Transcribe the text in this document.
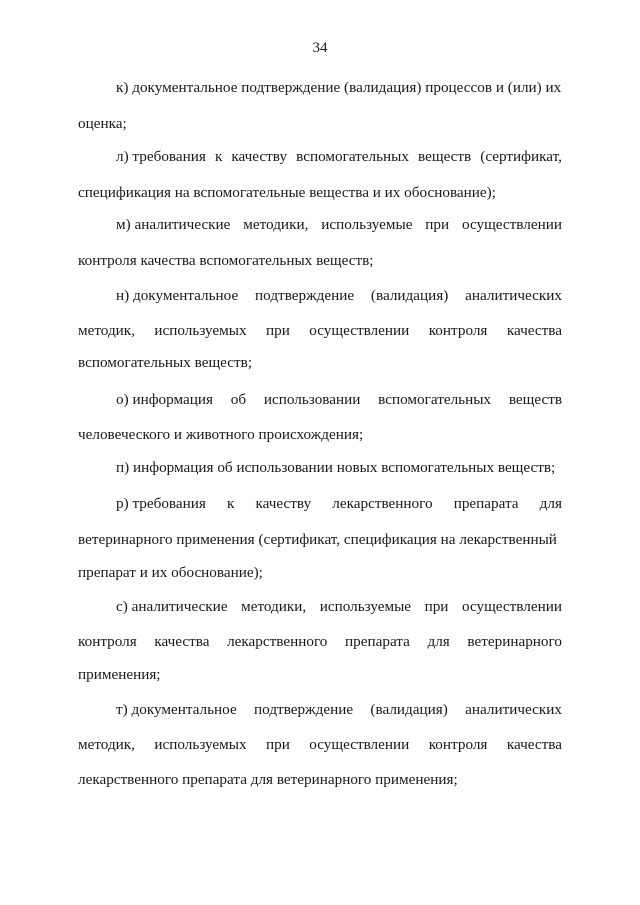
34
к) документальное подтверждение (валидация) процессов и (или) их
оценка;
л) требования к качеству вспомогательных веществ (сертификат,
спецификация на вспомогательные вещества и их обоснование);
м) аналитические методики, используемые при осуществлении
контроля качества вспомогательных веществ;
н) документальное подтверждение (валидация) аналитических
методик, используемых при осуществлении контроля качества
вспомогательных веществ;
о) информация об использовании вспомогательных веществ
человеческого и животного происхождения;
п) информация об использовании новых вспомогательных веществ;
р) требования к качеству лекарственного препарата для
ветеринарного применения (сертификат, спецификация на лекарственный
препарат и их обоснование);
с) аналитические методики, используемые при осуществлении
контроля качества лекарственного препарата для ветеринарного
применения;
т) документальное подтверждение (валидация) аналитических
методик, используемых при осуществлении контроля качества
лекарственного препарата для ветеринарного применения;
